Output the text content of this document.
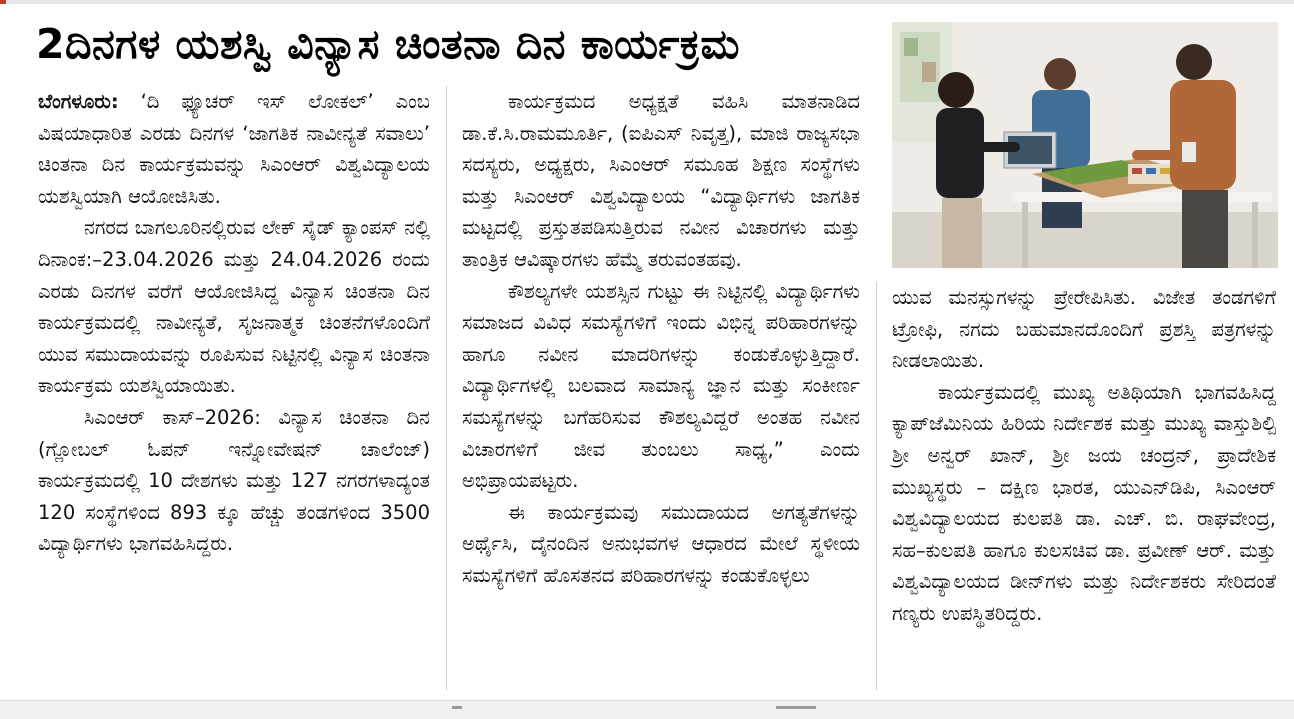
2ದಿನಗಳ ಯಶಸ್ವಿ ವಿನ್ಯಾಸ ಚಿಂತನಾ ದಿನ ಕಾರ್ಯಕ್ರಮ

ಬೆಂಗಳೂರು: ‘ದಿ ಫ್ಯೂಚರ್ ಇಸ್ ಲೋಕಲ್’ ಎಂಬ ವಿಷಯಾಧಾರಿತ ಎರಡು ದಿನಗಳ ‘ಜಾಗತಿಕ ನಾವೀನ್ಯತೆ ಸವಾಲು’ ಚಿಂತನಾ ದಿನ ಕಾರ್ಯಕ್ರಮವನ್ನು ಸಿಎಂಆರ್ ವಿಶ್ವವಿದ್ಯಾಲಯ ಯಶಸ್ವಿಯಾಗಿ ಆಯೋಜಿಸಿತು.

ನಗರದ ಬಾಗಲೂರಿನಲ್ಲಿರುವ ಲೇಕ್ ಸೈಡ್ ಕ್ಯಾಂಪಸ್ ನಲ್ಲಿ ದಿನಾಂಕ:–23.04.2026 ಮತ್ತು 24.04.2026 ರಂದು ಎರಡು ದಿನಗಳ ವರೆಗೆ ಆಯೋಜಿಸಿದ್ದ ವಿನ್ಯಾಸ ಚಿಂತನಾ ದಿನ ಕಾರ್ಯಕ್ರಮದಲ್ಲಿ ನಾವೀನ್ಯತೆ, ಸೃಜನಾತ್ಮಕ ಚಿಂತನೆಗಳೊಂದಿಗೆ ಯುವ ಸಮುದಾಯವನ್ನು ರೂಪಿಸುವ ನಿಟ್ಟಿನಲ್ಲಿ ವಿನ್ಯಾಸ ಚಿಂತನಾ ಕಾರ್ಯಕ್ರಮ ಯಶಸ್ವಿಯಾಯಿತು.

ಸಿಎಂಆರ್ ಕಾಸ್–2026: ವಿನ್ಯಾಸ ಚಿಂತನಾ ದಿನ (ಗ್ಲೋಬಲ್ ಓಪನ್ ಇನ್ನೋವೇಷನ್ ಚಾಲೆಂಜ್) ಕಾರ್ಯಕ್ರಮದಲ್ಲಿ 10 ದೇಶಗಳು ಮತ್ತು 127 ನಗರಗಳಾದ್ಯಂತ 120 ಸಂಸ್ಥೆಗಳಿಂದ 893 ಕ್ಕೂ ಹೆಚ್ಚು ತಂಡಗಳಿಂದ 3500 ವಿದ್ಯಾರ್ಥಿಗಳು ಭಾಗವಹಿಸಿದ್ದರು.

ಕಾರ್ಯಕ್ರಮದ ಅಧ್ಯಕ್ಷತೆ ವಹಿಸಿ ಮಾತನಾಡಿದ ಡಾ.ಕೆ.ಸಿ.ರಾಮಮೂರ್ತಿ, (ಐಪಿಎಸ್ ನಿವೃತ್ತ), ಮಾಜಿ ರಾಜ್ಯಸಭಾ ಸದಸ್ಯರು, ಅಧ್ಯಕ್ಷರು, ಸಿಎಂಆರ್ ಸಮೂಹ ಶಿಕ್ಷಣ ಸಂಸ್ಥೆಗಳು ಮತ್ತು ಸಿಎಂಆರ್ ವಿಶ್ವವಿದ್ಯಾಲಯ “ವಿದ್ಯಾರ್ಥಿಗಳು ಜಾಗತಿಕ ಮಟ್ಟದಲ್ಲಿ ಪ್ರಸ್ತುತಪಡಿಸುತ್ತಿರುವ ನವೀನ ವಿಚಾರಗಳು ಮತ್ತು ತಾಂತ್ರಿಕ ಆವಿಷ್ಕಾರಗಳು ಹೆಮ್ಮೆ ತರುವಂತಹವು.

ಕೌಶಲ್ಯಗಳೇ ಯಶಸ್ಸಿನ ಗುಟ್ಟು ಈ ನಿಟ್ಟಿನಲ್ಲಿ ವಿದ್ಯಾರ್ಥಿಗಳು ಸಮಾಜದ ವಿವಿಧ ಸಮಸ್ಯೆಗಳಿಗೆ ಇಂದು ವಿಭಿನ್ನ ಪರಿಹಾರಗಳನ್ನು ಹಾಗೂ ನವೀನ ಮಾದರಿಗಳನ್ನು ಕಂಡುಕೊಳ್ಳುತ್ತಿದ್ದಾರೆ. ವಿದ್ಯಾರ್ಥಿಗಳಲ್ಲಿ ಬಲವಾದ ಸಾಮಾನ್ಯ ಜ್ಞಾನ ಮತ್ತು ಸಂಕೀರ್ಣ ಸಮಸ್ಯೆಗಳನ್ನು ಬಗೆಹರಿಸುವ ಕೌಶಲ್ಯವಿದ್ದರೆ ಅಂತಹ ನವೀನ ವಿಚಾರಗಳಿಗೆ ಜೀವ ತುಂಬಲು ಸಾಧ್ಯ,” ಎಂದು ಅಭಿಪ್ರಾಯಪಟ್ಟರು.

ಈ ಕಾರ್ಯಕ್ರಮವು ಸಮುದಾಯದ ಅಗತ್ಯತೆಗಳನ್ನು ಅರ್ಥೈಸಿ, ದೈನಂದಿನ ಅನುಭವಗಳ ಆಧಾರದ ಮೇಲೆ ಸ್ಥಳೀಯ ಸಮಸ್ಯೆಗಳಿಗೆ ಹೊಸತನದ ಪರಿಹಾರಗಳನ್ನು ಕಂಡುಕೊಳ್ಳಲು

ಯುವ ಮನಸ್ಸುಗಳನ್ನು ಪ್ರೇರೇಪಿಸಿತು. ವಿಜೇತ ತಂಡಗಳಿಗೆ ಟ್ರೋಫಿ, ನಗದು ಬಹುಮಾನದೊಂದಿಗೆ ಪ್ರಶಸ್ತಿ ಪತ್ರಗಳನ್ನು ನೀಡಲಾಯಿತು.

ಕಾರ್ಯಕ್ರಮದಲ್ಲಿ ಮುಖ್ಯ ಅತಿಥಿಯಾಗಿ ಭಾಗವಹಿಸಿದ್ದ ಕ್ಯಾಪ್‌ಜೆಮಿನಿಯ ಹಿರಿಯ ನಿರ್ದೇಶಕ ಮತ್ತು ಮುಖ್ಯ ವಾಸ್ತುಶಿಲ್ಪಿ ಶ್ರೀ ಅನ್ವರ್ ಖಾನ್, ಶ್ರೀ ಜಯ ಚಂದ್ರನ್, ಪ್ರಾದೇಶಿಕ ಮುಖ್ಯಸ್ಥರು – ದಕ್ಷಿಣ ಭಾರತ, ಯುಎನ್‌ಡಿಪಿ, ಸಿಎಂಆರ್ ವಿಶ್ವವಿದ್ಯಾಲಯದ ಕುಲಪತಿ ಡಾ. ಎಚ್. ಬಿ. ರಾಘವೇಂದ್ರ, ಸಹ–ಕುಲಪತಿ ಹಾಗೂ ಕುಲಸಚಿವ ಡಾ. ಪ್ರವೀಣ್ ಆರ್. ಮತ್ತು ವಿಶ್ವವಿದ್ಯಾಲಯದ ಡೀನ್‌ಗಳು ಮತ್ತು ನಿರ್ದೇಶಕರು ಸೇರಿದಂತೆ ಗಣ್ಯರು ಉಪಸ್ಥಿತರಿದ್ದರು.
